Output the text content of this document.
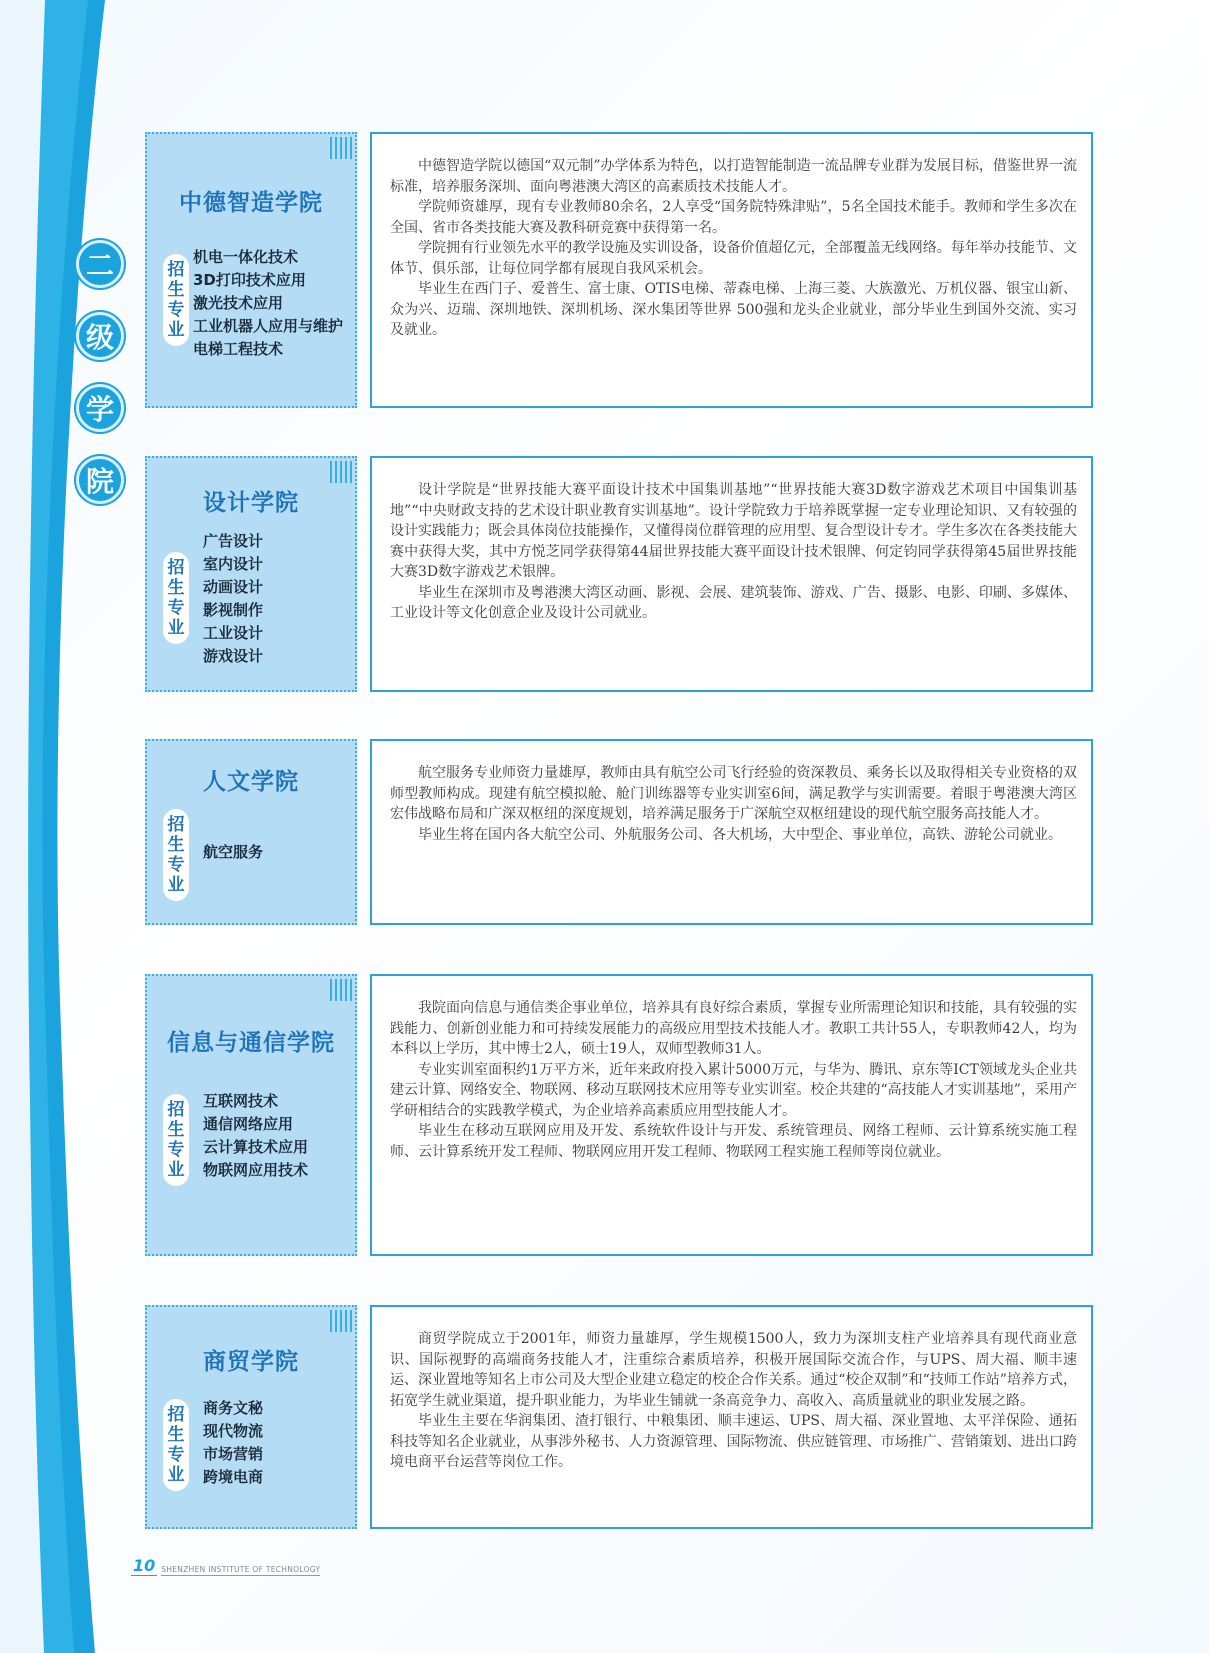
二
级
学
院
中德智造学院
招
生
专
业
机电一体化技术
3D打印技术应用
激光技术应用
工业机器人应用与维护
电梯工程技术

中德智造学院以德国“双元制”办学体系为特色，以打造智能制造一流品牌专业群为发展目标，借鉴世界一流标准，培养服务深圳、面向粤港澳大湾区的高素质技术技能人才。

学院师资雄厚，现有专业教师80余名，2人享受“国务院特殊津贴”，5名全国技术能手。教师和学生多次在全国、省市各类技能大赛及教科研竞赛中获得第一名。

学院拥有行业领先水平的教学设施及实训设备，设备价值超亿元，全部覆盖无线网络。每年举办技能节、文体节、俱乐部，让每位同学都有展现自我风采机会。

毕业生在西门子、爱普生、富士康、OTIS电梯、蒂森电梯、上海三菱、大族激光、万机仪器、银宝山新、众为兴、迈瑞、深圳地铁、深圳机场、深水集团等世界 500强和龙头企业就业，部分毕业生到国外交流、实习及就业。

设计学院
招
生
专
业
广告设计
室内设计
动画设计
影视制作
工业设计
游戏设计

设计学院是“世界技能大赛平面设计技术中国集训基地”“世界技能大赛3D数字游戏艺术项目中国集训基地”“中央财政支持的艺术设计职业教育实训基地”。设计学院致力于培养既掌握一定专业理论知识、又有较强的设计实践能力；既会具体岗位技能操作，又懂得岗位群管理的应用型、复合型设计专才。学生多次在各类技能大赛中获得大奖，其中方悦芝同学获得第44届世界技能大赛平面设计技术银牌、何定钧同学获得第45届世界技能大赛3D数字游戏艺术银牌。

毕业生在深圳市及粤港澳大湾区动画、影视、会展、建筑装饰、游戏、广告、摄影、电影、印刷、多媒体、工业设计等文化创意企业及设计公司就业。

人文学院
招
生
专
业
航空服务

航空服务专业师资力量雄厚，教师由具有航空公司飞行经验的资深教员、乘务长以及取得相关专业资格的双师型教师构成。现建有航空模拟舱、舱门训练器等专业实训室6间，满足教学与实训需要。着眼于粤港澳大湾区宏伟战略布局和广深双枢纽的深度规划，培养满足服务于广深航空双枢纽建设的现代航空服务高技能人才。

毕业生将在国内各大航空公司、外航服务公司、各大机场，大中型企、事业单位，高铁、游轮公司就业。

信息与通信学院
招
生
专
业
互联网技术
通信网络应用
云计算技术应用
物联网应用技术

我院面向信息与通信类企事业单位，培养具有良好综合素质，掌握专业所需理论知识和技能，具有较强的实践能力、创新创业能力和可持续发展能力的高级应用型技术技能人才。教职工共计55人，专职教师42人，均为本科以上学历，其中博士2人，硕士19人，双师型教师31人。

专业实训室面积约1万平方米，近年来政府投入累计5000万元，与华为、腾讯、京东等ICT领域龙头企业共建云计算、网络安全、物联网、移动互联网技术应用等专业实训室。校企共建的“高技能人才实训基地”，采用产学研相结合的实践教学模式，为企业培养高素质应用型技能人才。

毕业生在移动互联网应用及开发、系统软件设计与开发、系统管理员、网络工程师、云计算系统实施工程师、云计算系统开发工程师、物联网应用开发工程师、物联网工程实施工程师等岗位就业。

商贸学院
招
生
专
业
商务文秘
现代物流
市场营销
跨境电商

商贸学院成立于2001年，师资力量雄厚，学生规模1500人，致力为深圳支柱产业培养具有现代商业意识、国际视野的高端商务技能人才，注重综合素质培养，积极开展国际交流合作，与UPS、周大福、顺丰速运、深业置地等知名上市公司及大型企业建立稳定的校企合作关系。通过“校企双制”和“技师工作站”培养方式，拓宽学生就业渠道，提升职业能力，为毕业生铺就一条高竞争力、高收入、高质量就业的职业发展之路。

毕业生主要在华润集团、渣打银行、中粮集团、顺丰速运、UPS、周大福、深业置地、太平洋保险、通拓科技等知名企业就业，从事涉外秘书、人力资源管理、国际物流、供应链管理、市场推广、营销策划、进出口跨境电商平台运营等岗位工作。

10 SHENZHEN INSTITUTE OF TECHNOLOGY
